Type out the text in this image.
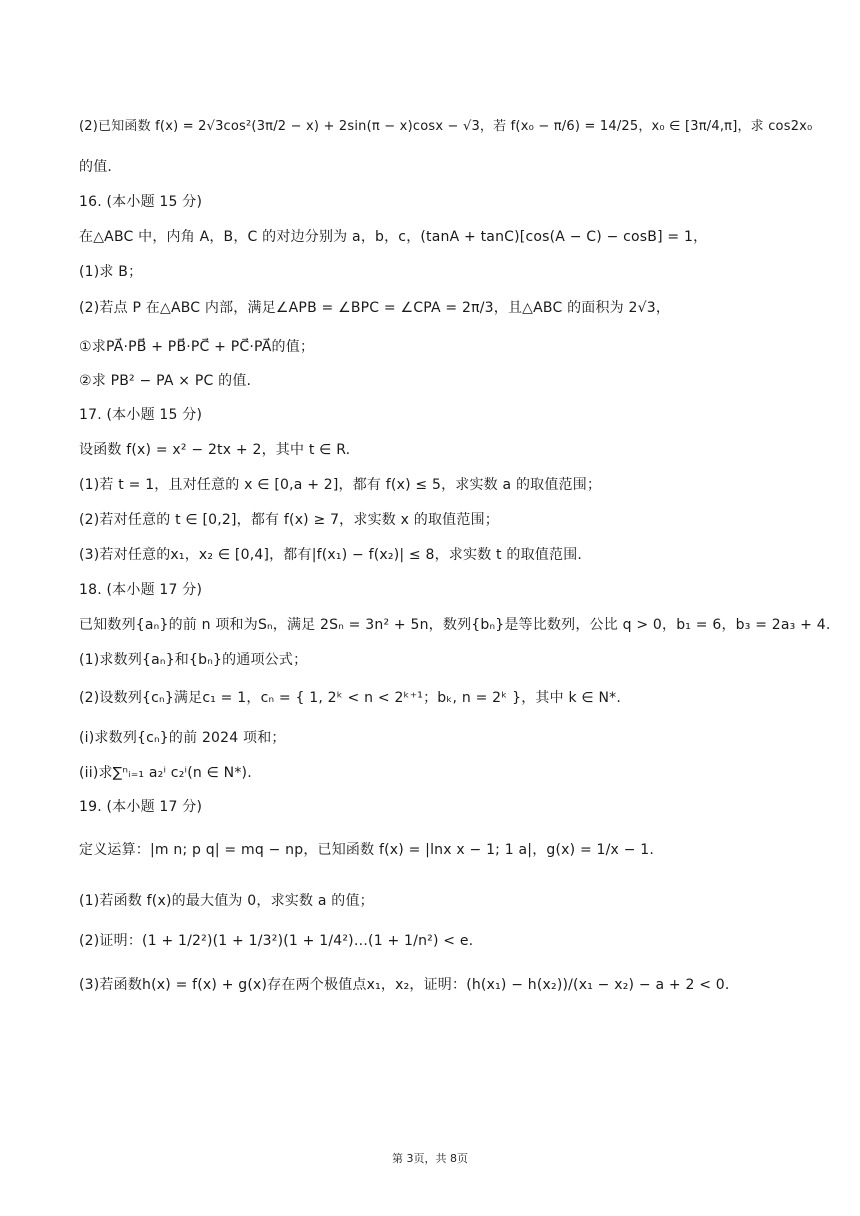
(2)已知函数 f(x) = 2√3cos²(3π/2 − x) + 2sin(π − x)cosx − √3，若 f(x₀ − π/6) = 14/25，x₀ ∈ [3π/4,π]，求 cos2x₀
的值.
16. (本小题 15 分)
在△ABC 中，内角 A，B，C 的对边分别为 a，b，c，(tanA + tanC)[cos(A − C) − cosB] = 1，
(1)求 B；
(2)若点 P 在△ABC 内部，满足∠APB = ∠BPC = ∠CPA = 2π/3，且△ABC 的面积为 2√3，
①求PA⃗·PB⃗ + PB⃗·PC⃗ + PC⃗·PA⃗的值；
②求 PB² − PA × PC 的值.
17. (本小题 15 分)
设函数 f(x) = x² − 2tx + 2，其中 t ∈ R.
(1)若 t = 1，且对任意的 x ∈ [0,a + 2]，都有 f(x) ≤ 5，求实数 a 的取值范围；
(2)若对任意的 t ∈ [0,2]，都有 f(x) ≥ 7，求实数 x 的取值范围；
(3)若对任意的x₁，x₂ ∈ [0,4]，都有|f(x₁) − f(x₂)| ≤ 8，求实数 t 的取值范围.
18. (本小题 17 分)
已知数列{aₙ}的前 n 项和为Sₙ，满足 2Sₙ = 3n² + 5n，数列{bₙ}是等比数列，公比 q > 0，b₁ = 6，b₃ = 2a₃ + 4.
(1)求数列{aₙ}和{bₙ}的通项公式；
(2)设数列{cₙ}满足c₁ = 1，cₙ = { 1, 2ᵏ < n < 2ᵏ⁺¹；bₖ, n = 2ᵏ }，其中 k ∈ N*.
(i)求数列{cₙ}的前 2024 项和；
(ii)求∑ⁿᵢ₌₁ a₂ⁱ c₂ⁱ(n ∈ N*).
19. (本小题 17 分)
定义运算：|m n; p q| = mq − np，已知函数 f(x) = |lnx x − 1; 1 a|，g(x) = 1/x − 1.
(1)若函数 f(x)的最大值为 0，求实数 a 的值；
(2)证明：(1 + 1/2²)(1 + 1/3²)(1 + 1/4²)…(1 + 1/n²) < e.
(3)若函数h(x) = f(x) + g(x)存在两个极值点x₁，x₂，证明：(h(x₁) − h(x₂))/(x₁ − x₂) − a + 2 < 0.
第 3页，共 8页
